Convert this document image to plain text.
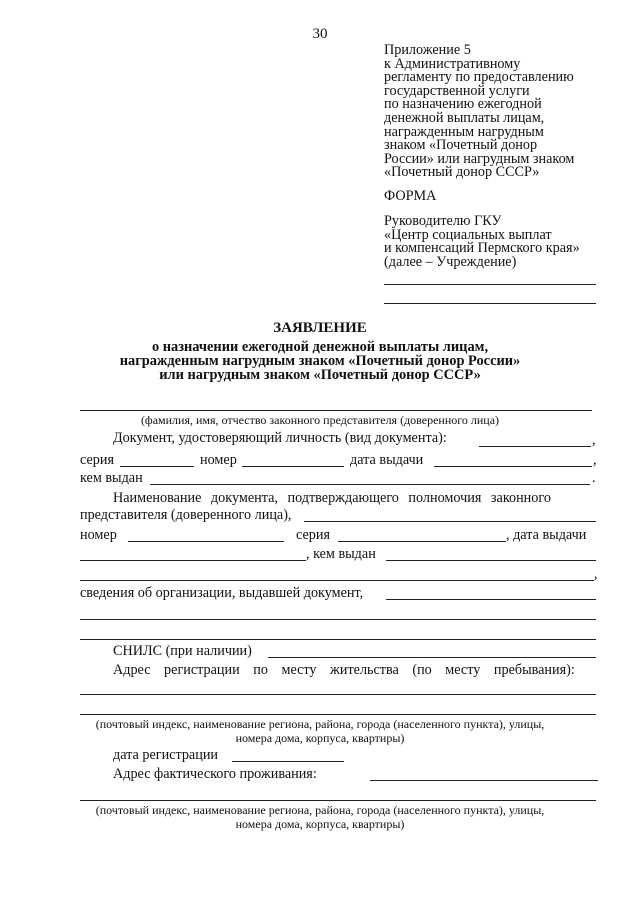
30
Приложение 5
к Административному
регламенту по предоставлению
государственной услуги
по назначению ежегодной
денежной выплаты лицам,
награжденным нагрудным
знаком «Почетный донор
России» или нагрудным знаком
«Почетный донор СССР»
ФОРМА
Руководителю ГКУ
«Центр социальных выплат
и компенсаций Пермского края»
(далее – Учреждение)
ЗАЯВЛЕНИЕ
о назначении ежегодной денежной выплаты лицам,
награжденным нагрудным знаком «Почетный донор России»
или нагрудным знаком «Почетный донор СССР»
(фамилия, имя, отчество законного представителя (доверенного лица)
Документ, удостоверяющий личность (вид документа):	,
серия	номер	дата выдачи	,
кем выдан	.
Наименование документа, подтверждающего полномочия законного
представителя (доверенного лица),
номер	серия	, дата выдачи
, кем выдан
,
сведения об организации, выдавшей документ,
СНИЛС (при наличии)
Адрес регистрации по месту жительства (по месту пребывания):
(почтовый индекс, наименование региона, района, города (населенного пункта), улицы,
номера дома, корпуса, квартиры)
дата регистрации
Адрес фактического проживания:
(почтовый индекс, наименование региона, района, города (населенного пункта), улицы,
номера дома, корпуса, квартиры)
